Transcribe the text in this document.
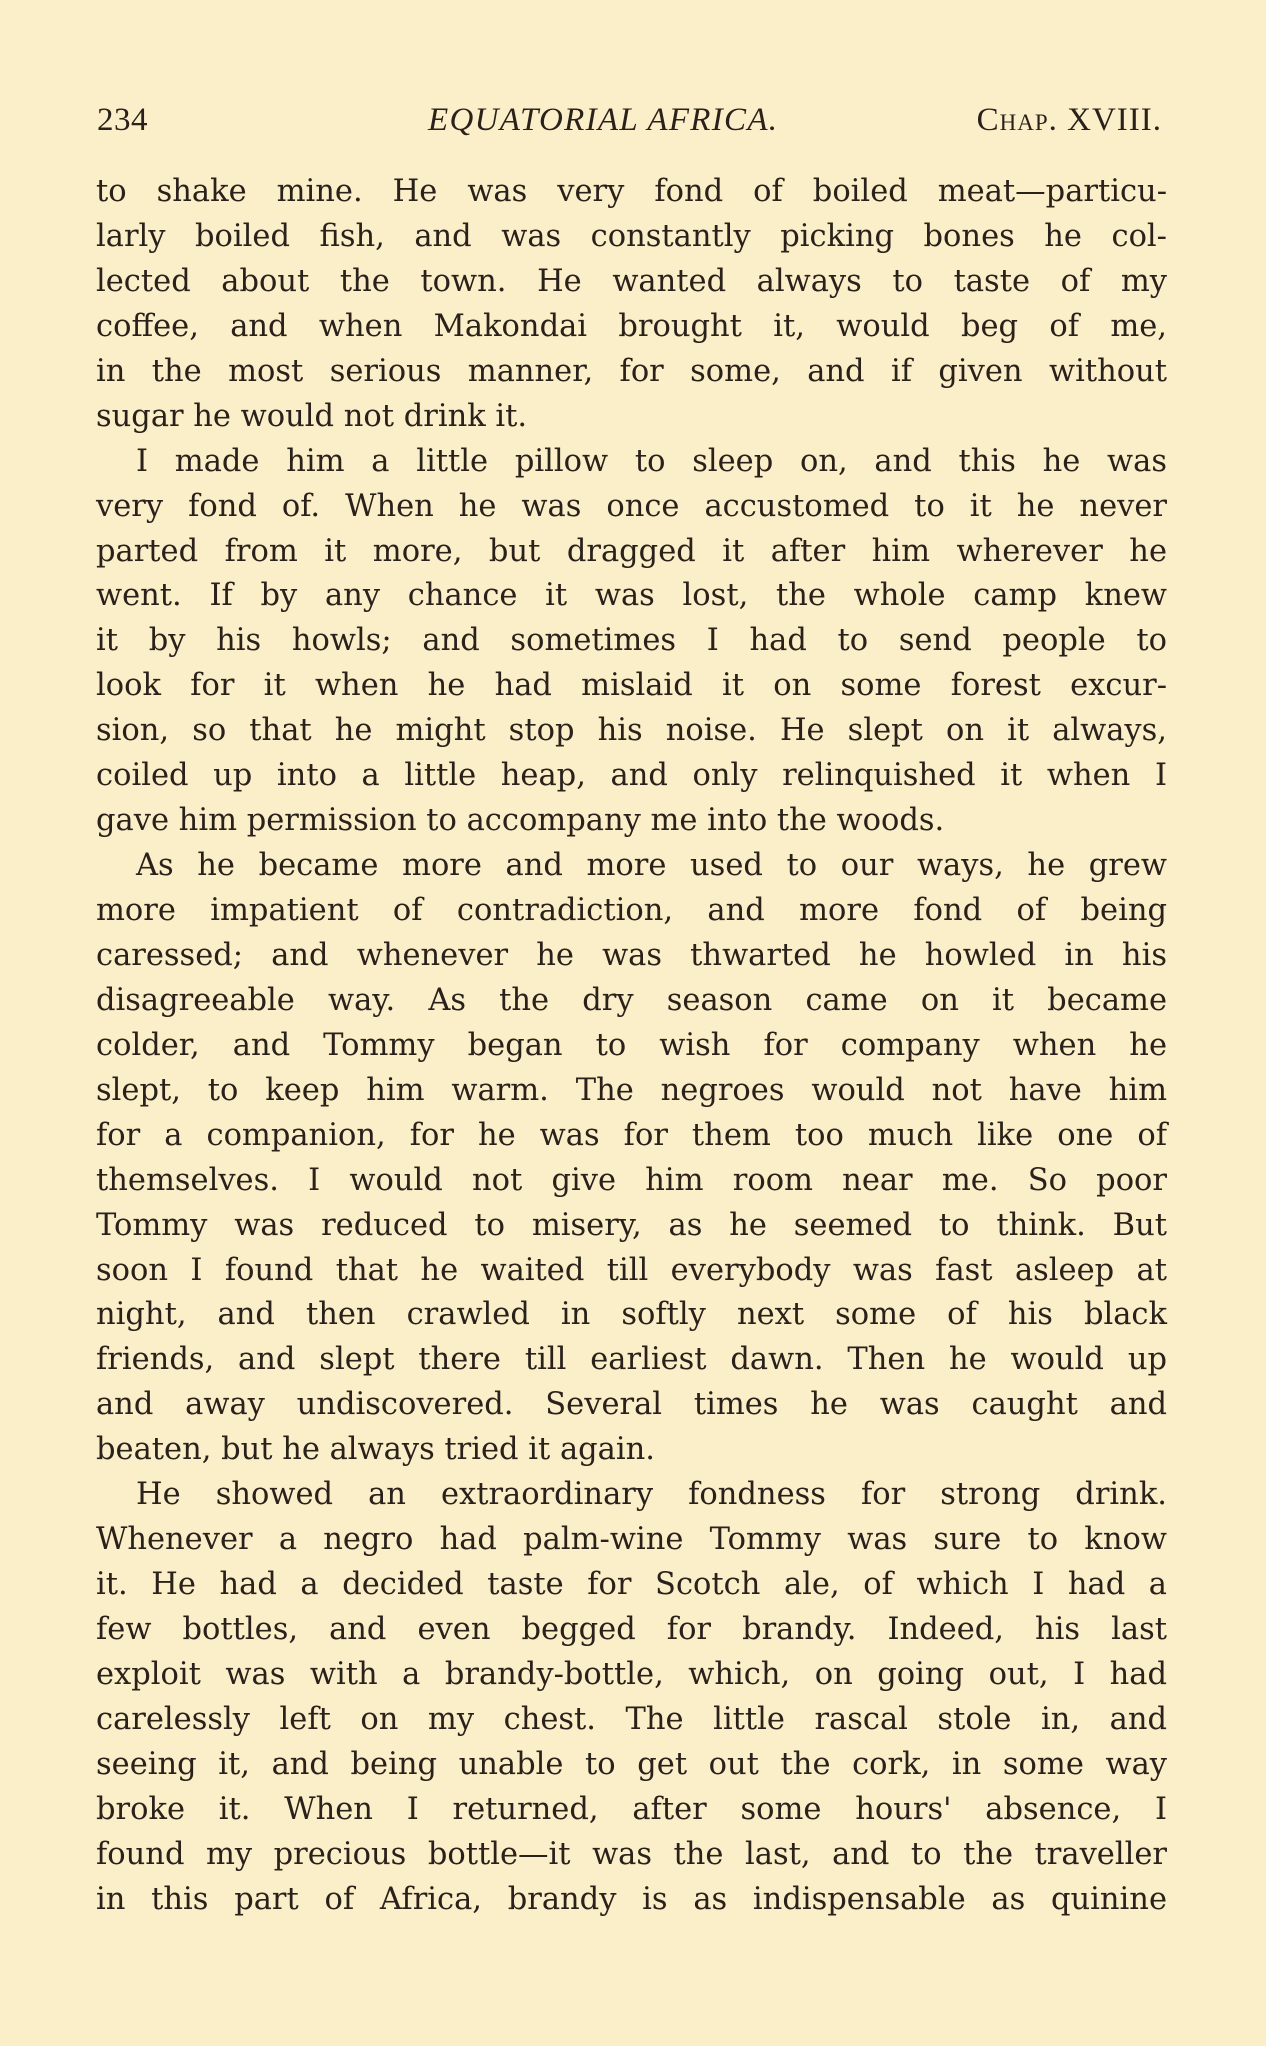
234	EQUATORIAL AFRICA.	Chap. XVIII.
to shake mine. He was very fond of boiled meat—particu-
larly boiled fish, and was constantly picking bones he col-
lected about the town. He wanted always to taste of my
coffee, and when Makondai brought it, would beg of me,
in the most serious manner, for some, and if given without
sugar he would not drink it.
I made him a little pillow to sleep on, and this he was
very fond of. When he was once accustomed to it he never
parted from it more, but dragged it after him wherever he
went. If by any chance it was lost, the whole camp knew
it by his howls; and sometimes I had to send people to
look for it when he had mislaid it on some forest excur-
sion, so that he might stop his noise. He slept on it always,
coiled up into a little heap, and only relinquished it when I
gave him permission to accompany me into the woods.
As he became more and more used to our ways, he grew
more impatient of contradiction, and more fond of being
caressed; and whenever he was thwarted he howled in his
disagreeable way. As the dry season came on it became
colder, and Tommy began to wish for company when he
slept, to keep him warm. The negroes would not have him
for a companion, for he was for them too much like one of
themselves. I would not give him room near me. So poor
Tommy was reduced to misery, as he seemed to think. But
soon I found that he waited till everybody was fast asleep at
night, and then crawled in softly next some of his black
friends, and slept there till earliest dawn. Then he would up
and away undiscovered. Several times he was caught and
beaten, but he always tried it again.
He showed an extraordinary fondness for strong drink.
Whenever a negro had palm-wine Tommy was sure to know
it. He had a decided taste for Scotch ale, of which I had a
few bottles, and even begged for brandy. Indeed, his last
exploit was with a brandy-bottle, which, on going out, I had
carelessly left on my chest. The little rascal stole in, and
seeing it, and being unable to get out the cork, in some way
broke it. When I returned, after some hours' absence, I
found my precious bottle—it was the last, and to the traveller
in this part of Africa, brandy is as indispensable as quinine
